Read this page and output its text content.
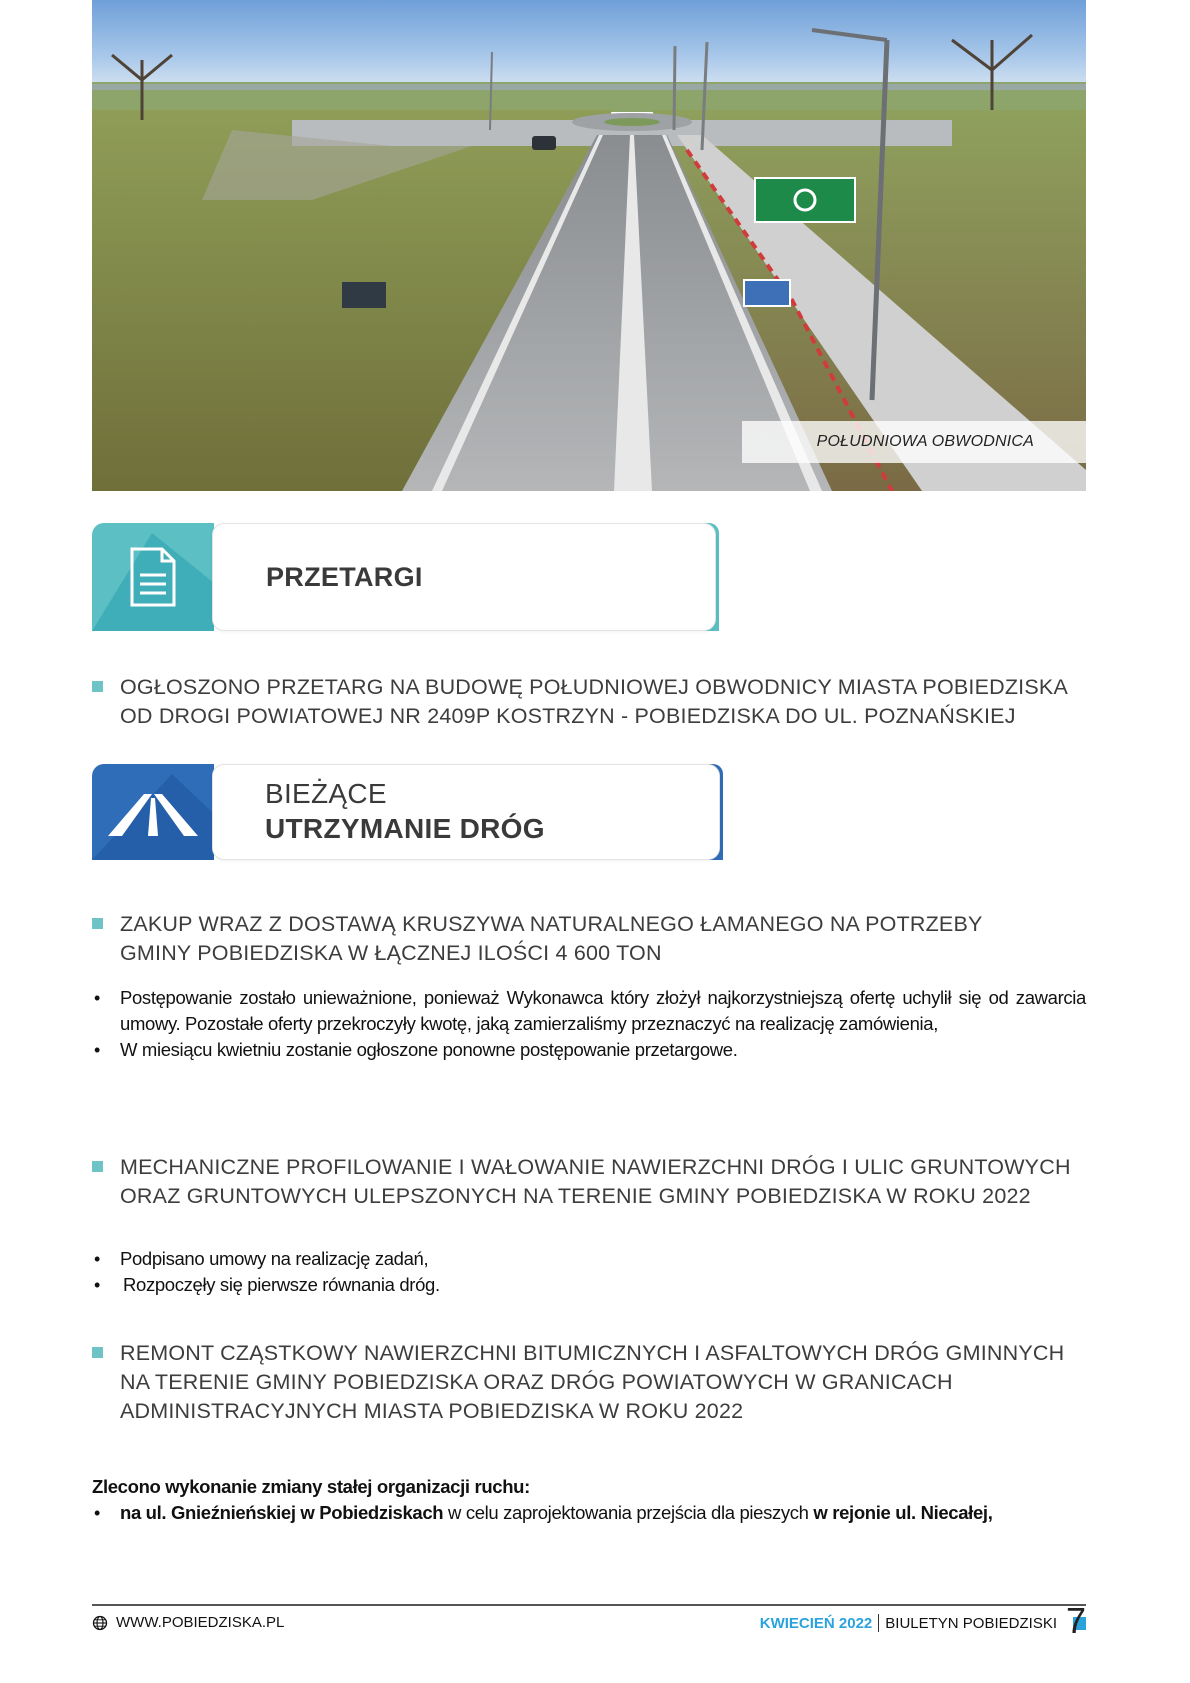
POŁUDNIOWA OBWODNICA
PRZETARGI
OGŁOSZONO PRZETARG NA BUDOWĘ POŁUDNIOWEJ OBWODNICY MIASTA POBIEDZISKA
OD DROGI POWIATOWEJ NR 2409P KOSTRZYN - POBIEDZISKA DO UL. POZNAŃSKIEJ
BIEŻĄCE
UTRZYMANIE DRÓG
ZAKUP WRAZ Z DOSTAWĄ KRUSZYWA NATURALNEGO ŁAMANEGO NA POTRZEBY
GMINY POBIEDZISKA W ŁĄCZNEJ ILOŚCI 4 600 TON
• Postępowanie zostało unieważnione, ponieważ Wykonawca który złożył najkorzystniejszą ofertę uchylił się od zawarcia umowy. Pozostałe oferty przekroczyły kwotę, jaką zamierzaliśmy przeznaczyć na realizację zamówienia,
• W miesiącu kwietniu zostanie ogłoszone ponowne postępowanie przetargowe.
MECHANICZNE PROFILOWANIE I WAŁOWANIE NAWIERZCHNI DRÓG I ULIC GRUNTOWYCH
ORAZ GRUNTOWYCH ULEPSZONYCH NA TERENIE GMINY POBIEDZISKA W ROKU 2022
• Podpisano umowy na realizację zadań,
• Rozpoczęły się pierwsze równania dróg.
REMONT CZĄSTKOWY NAWIERZCHNI BITUMICZNYCH I ASFALTOWYCH DRÓG GMINNYCH
NA TERENIE GMINY POBIEDZISKA ORAZ DRÓG POWIATOWYCH W GRANICACH
ADMINISTRACYJNYCH MIASTA POBIEDZISKA W ROKU 2022
Zlecono wykonanie zmiany stałej organizacji ruchu:
• na ul. Gnieźnieńskiej w Pobiedziskach w celu zaprojektowania przejścia dla pieszych w rejonie ul. Niecałej,
WWW.POBIEDZISKA.PL	KWIECIEŃ 2022 BIULETYN POBIEDZISKI 7
